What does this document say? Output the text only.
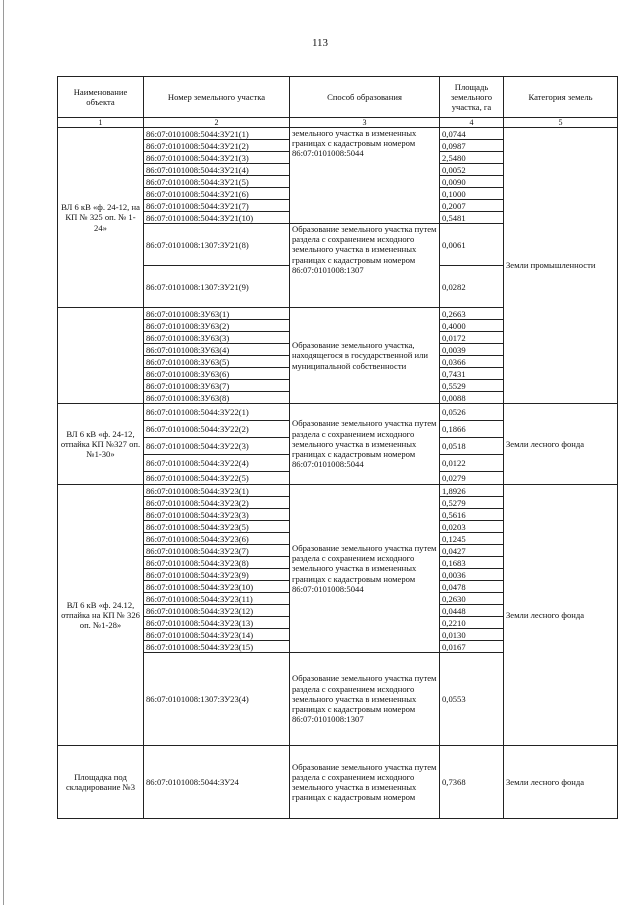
113
Наименование объекта	Номер земельного участка	Способ образования	Площадь земельного участка, га	Категория земель
1	2	3	4	5
ВЛ 6 кВ «ф. 24-12, на КП № 325 оп. № 1-24»	86:07:0101008:5044:ЗУ21(1)	земельного участка в измененных границах с кадастровым номером 86:07:0101008:5044	0,0744	Земли промышленности
	86:07:0101008:5044:ЗУ21(2)		0,0987	
	86:07:0101008:5044:ЗУ21(3)		2,5480	
	86:07:0101008:5044:ЗУ21(4)		0,0052	
	86:07:0101008:5044:ЗУ21(5)		0,0090	
	86:07:0101008:5044:ЗУ21(6)		0,1000	
	86:07:0101008:5044:ЗУ21(7)		0,2007	
	86:07:0101008:5044:ЗУ21(10)		0,5481	
	86:07:0101008:1307:ЗУ21(8)	Образование земельного участка путем раздела с сохранением исходного земельного участка в измененных границах с кадастровым номером 86:07:0101008:1307	0,0061	
	86:07:0101008:1307:ЗУ21(9)		0,0282	
	86:07:0101008:ЗУ63(1)	Образование земельного участка, находящегося в государственной или муниципальной собственности	0,2663	
	86:07:0101008:ЗУ63(2)		0,4000	
	86:07:0101008:ЗУ63(3)		0,0172	
	86:07:0101008:ЗУ63(4)		0,0039	
	86:07:0101008:ЗУ63(5)		0,0366	
	86:07:0101008:ЗУ63(6)		0,7431	
	86:07:0101008:ЗУ63(7)		0,5529	
	86:07:0101008:ЗУ63(8)		0,0088	
ВЛ 6 кВ «ф. 24-12, отпайка КП №327 оп. №1-30»	86:07:0101008:5044:ЗУ22(1)	Образование земельного участка путем раздела с сохранением исходного земельного участка в измененных границах с кадастровым номером 86:07:0101008:5044	0,0526	Земли лесного фонда
	86:07:0101008:5044:ЗУ22(2)		0,1866	
	86:07:0101008:5044:ЗУ22(3)		0,0518	
	86:07:0101008:5044:ЗУ22(4)		0,0122	
	86:07:0101008:5044:ЗУ22(5)		0,0279	
ВЛ 6 кВ «ф. 24.12, отпайка на КП № 326 оп. №1-28»	86:07:0101008:5044:ЗУ23(1)	Образование земельного участка путем раздела с сохранением исходного земельного участка в измененных границах с кадастровым номером 86:07:0101008:5044	1,8926	Земли лесного фонда
	86:07:0101008:5044:ЗУ23(2)		0,5279	
	86:07:0101008:5044:ЗУ23(3)		0,5616	
	86:07:0101008:5044:ЗУ23(5)		0,0203	
	86:07:0101008:5044:ЗУ23(6)		0,1245	
	86:07:0101008:5044:ЗУ23(7)		0,0427	
	86:07:0101008:5044:ЗУ23(8)		0,1683	
	86:07:0101008:5044:ЗУ23(9)		0,0036	
	86:07:0101008:5044:ЗУ23(10)		0,0478	
	86:07:0101008:5044:ЗУ23(11)		0,2630	
	86:07:0101008:5044:ЗУ23(12)		0,0448	
	86:07:0101008:5044:ЗУ23(13)		0,2210	
	86:07:0101008:5044:ЗУ23(14)		0,0130	
	86:07:0101008:5044:ЗУ23(15)		0,0167	
	86:07:0101008:1307:ЗУ23(4)	Образование земельного участка путем раздела с сохранением исходного земельного участка в измененных границах с кадастровым номером 86:07:0101008:1307	0,0553	
Площадка под складирование №3	86:07:0101008:5044:ЗУ24	Образование земельного участка путем раздела с сохранением исходного земельного участка в измененных границах с кадастровым номером	0,7368	Земли лесного фонда
